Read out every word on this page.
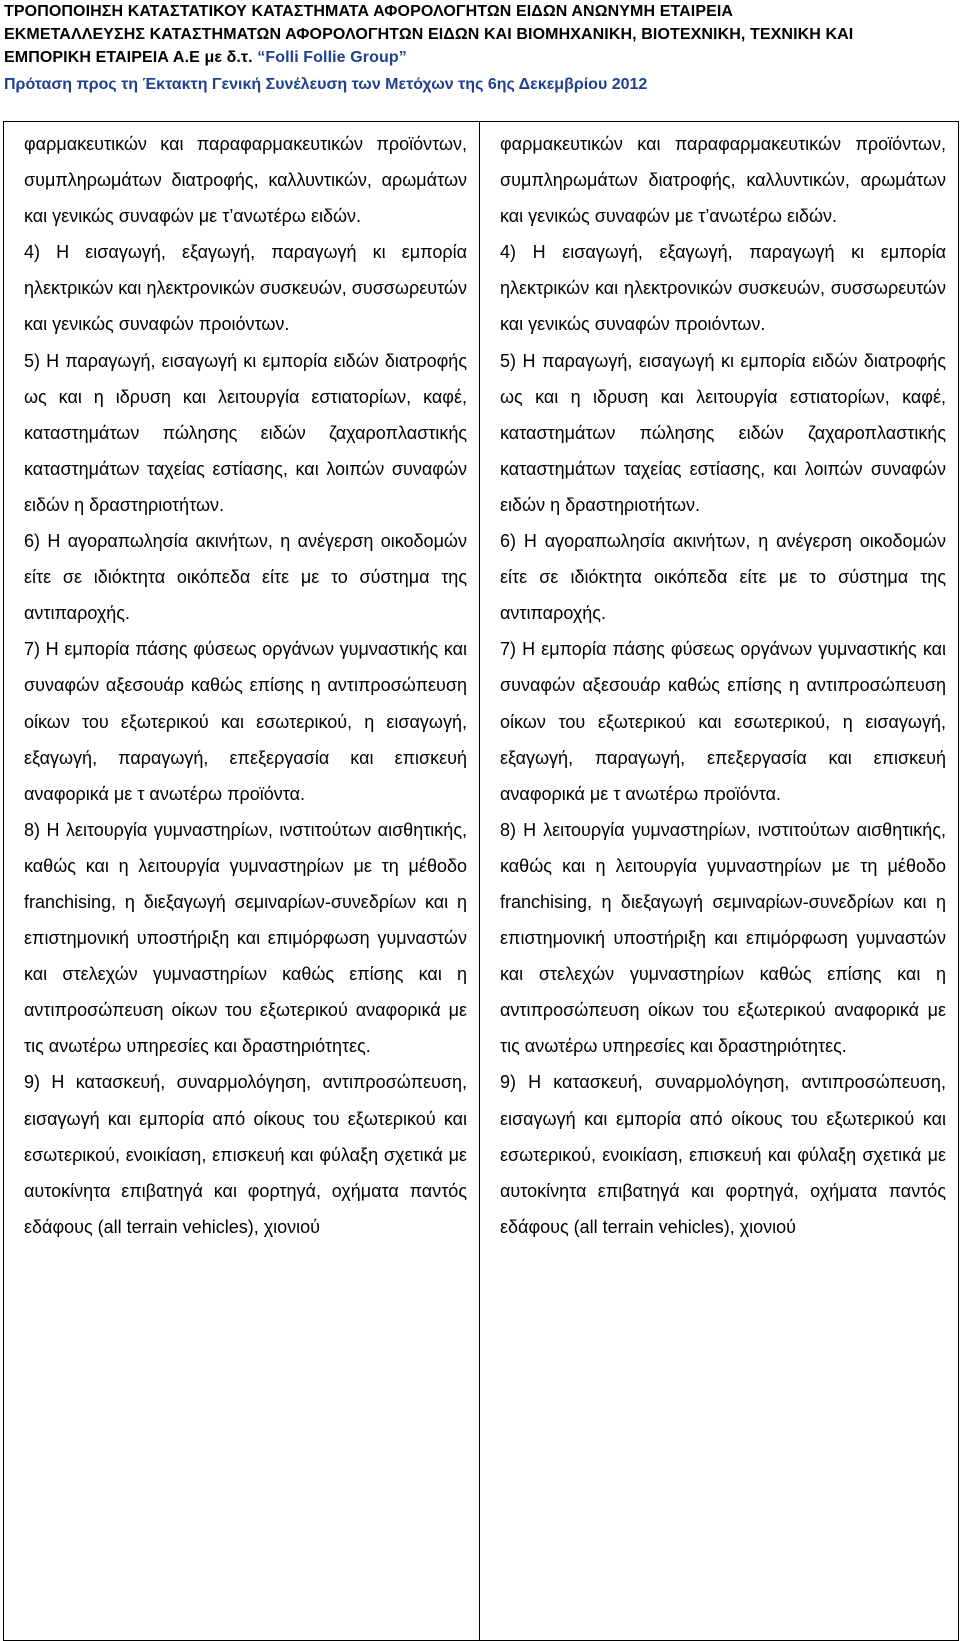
ΤΡΟΠΟΠΟΙΗΣΗ ΚΑΤΑΣΤΑΤΙΚΟΥ ΚΑΤΑΣΤΗΜΑΤΑ ΑΦΟΡΟΛΟΓΗΤΩΝ ΕΙΔΩΝ ΑΝΩΝΥΜΗ ΕΤΑΙΡΕΙΑ
ΕΚΜΕΤΑΛΛΕΥΣΗΣ ΚΑΤΑΣΤΗΜΑΤΩΝ ΑΦΟΡΟΛΟΓΗΤΩΝ ΕΙΔΩΝ ΚΑΙ ΒΙΟΜΗΧΑΝΙΚΗ, ΒΙΟΤΕΧΝΙΚΗ, ΤΕΧΝΙΚΗ ΚΑΙ
ΕΜΠΟΡΙΚΗ ΕΤΑΙΡΕΙΑ Α.Ε με δ.τ. “Folli Follie Group”
Πρόταση προς τη Έκτακτη Γενική Συνέλευση των Μετόχων της 6ης Δεκεμβρίου 2012

φαρμακευτικών και παραφαρμακευτικών προϊόντων, συμπληρωμάτων διατροφής, καλλυντικών, αρωμάτων και γενικώς συναφών με τ’ανωτέρω ειδών.

4) Η εισαγωγή, εξαγωγή, παραγωγή κι εμπορία ηλεκτρικών και ηλεκτρονικών συσκευών, συσσωρευτών και γενικώς συναφών προιόντων.

5) Η παραγωγή, εισαγωγή κι εμπορία ειδών διατροφής ως και η ιδρυση και λειτουργία εστιατορίων, καφέ, καταστημάτων πώλησης ειδών ζαχαροπλαστικής καταστημάτων ταχείας εστίασης, και λοιπών συναφών ειδών η δραστηριοτήτων.

6) Η αγοραπωλησία ακινήτων, η ανέγερση οικοδομών είτε σε ιδιόκτητα οικόπεδα είτε με το σύστημα της αντιπαροχής.

7) Η εμπορία πάσης φύσεως οργάνων γυμναστικής και συναφών αξεσουάρ καθώς επίσης η αντιπροσώπευση οίκων του εξωτερικού και εσωτερικού, η εισαγωγή, εξαγωγή, παραγωγή, επεξεργασία και επισκευή αναφορικά με τ ανωτέρω προϊόντα.

8) Η λειτουργία γυμναστηρίων, ινστιτούτων αισθητικής, καθώς και η λειτουργία γυμναστηρίων με τη μέθοδο franchising, η διεξαγωγή σεμιναρίων-συνεδρίων και η επιστημονική υποστήριξη και επιμόρφωση γυμναστών και στελεχών γυμναστηρίων καθώς επίσης και η αντιπροσώπευση οίκων του εξωτερικού αναφορικά με τις ανωτέρω υπηρεσίες και δραστηριότητες.

9) Η κατασκευή, συναρμολόγηση, αντιπροσώπευση, εισαγωγή και εμπορία από οίκους του εξωτερικού και εσωτερικού, ενοικίαση, επισκευή και φύλαξη σχετικά με αυτοκίνητα επιβατηγά και φορτηγά, οχήματα παντός εδάφους (all terrain vehicles), χιονιού

φαρμακευτικών και παραφαρμακευτικών προϊόντων, συμπληρωμάτων διατροφής, καλλυντικών, αρωμάτων και γενικώς συναφών με τ’ανωτέρω ειδών.

4) Η εισαγωγή, εξαγωγή, παραγωγή κι εμπορία ηλεκτρικών και ηλεκτρονικών συσκευών, συσσωρευτών και γενικώς συναφών προιόντων.

5) Η παραγωγή, εισαγωγή κι εμπορία ειδών διατροφής ως και η ιδρυση και λειτουργία εστιατορίων, καφέ, καταστημάτων πώλησης ειδών ζαχαροπλαστικής καταστημάτων ταχείας εστίασης, και λοιπών συναφών ειδών η δραστηριοτήτων.

6) Η αγοραπωλησία ακινήτων, η ανέγερση οικοδομών είτε σε ιδιόκτητα οικόπεδα είτε με το σύστημα της αντιπαροχής.

7) Η εμπορία πάσης φύσεως οργάνων γυμναστικής και συναφών αξεσουάρ καθώς επίσης η αντιπροσώπευση οίκων του εξωτερικού και εσωτερικού, η εισαγωγή, εξαγωγή, παραγωγή, επεξεργασία και επισκευή αναφορικά με τ ανωτέρω προϊόντα.

8) Η λειτουργία γυμναστηρίων, ινστιτούτων αισθητικής, καθώς και η λειτουργία γυμναστηρίων με τη μέθοδο franchising, η διεξαγωγή σεμιναρίων-συνεδρίων και η επιστημονική υποστήριξη και επιμόρφωση γυμναστών και στελεχών γυμναστηρίων καθώς επίσης και η αντιπροσώπευση οίκων του εξωτερικού αναφορικά με τις ανωτέρω υπηρεσίες και δραστηριότητες.

9) Η κατασκευή, συναρμολόγηση, αντιπροσώπευση, εισαγωγή και εμπορία από οίκους του εξωτερικού και εσωτερικού, ενοικίαση, επισκευή και φύλαξη σχετικά με αυτοκίνητα επιβατηγά και φορτηγά, οχήματα παντός εδάφους (all terrain vehicles), χιονιού
